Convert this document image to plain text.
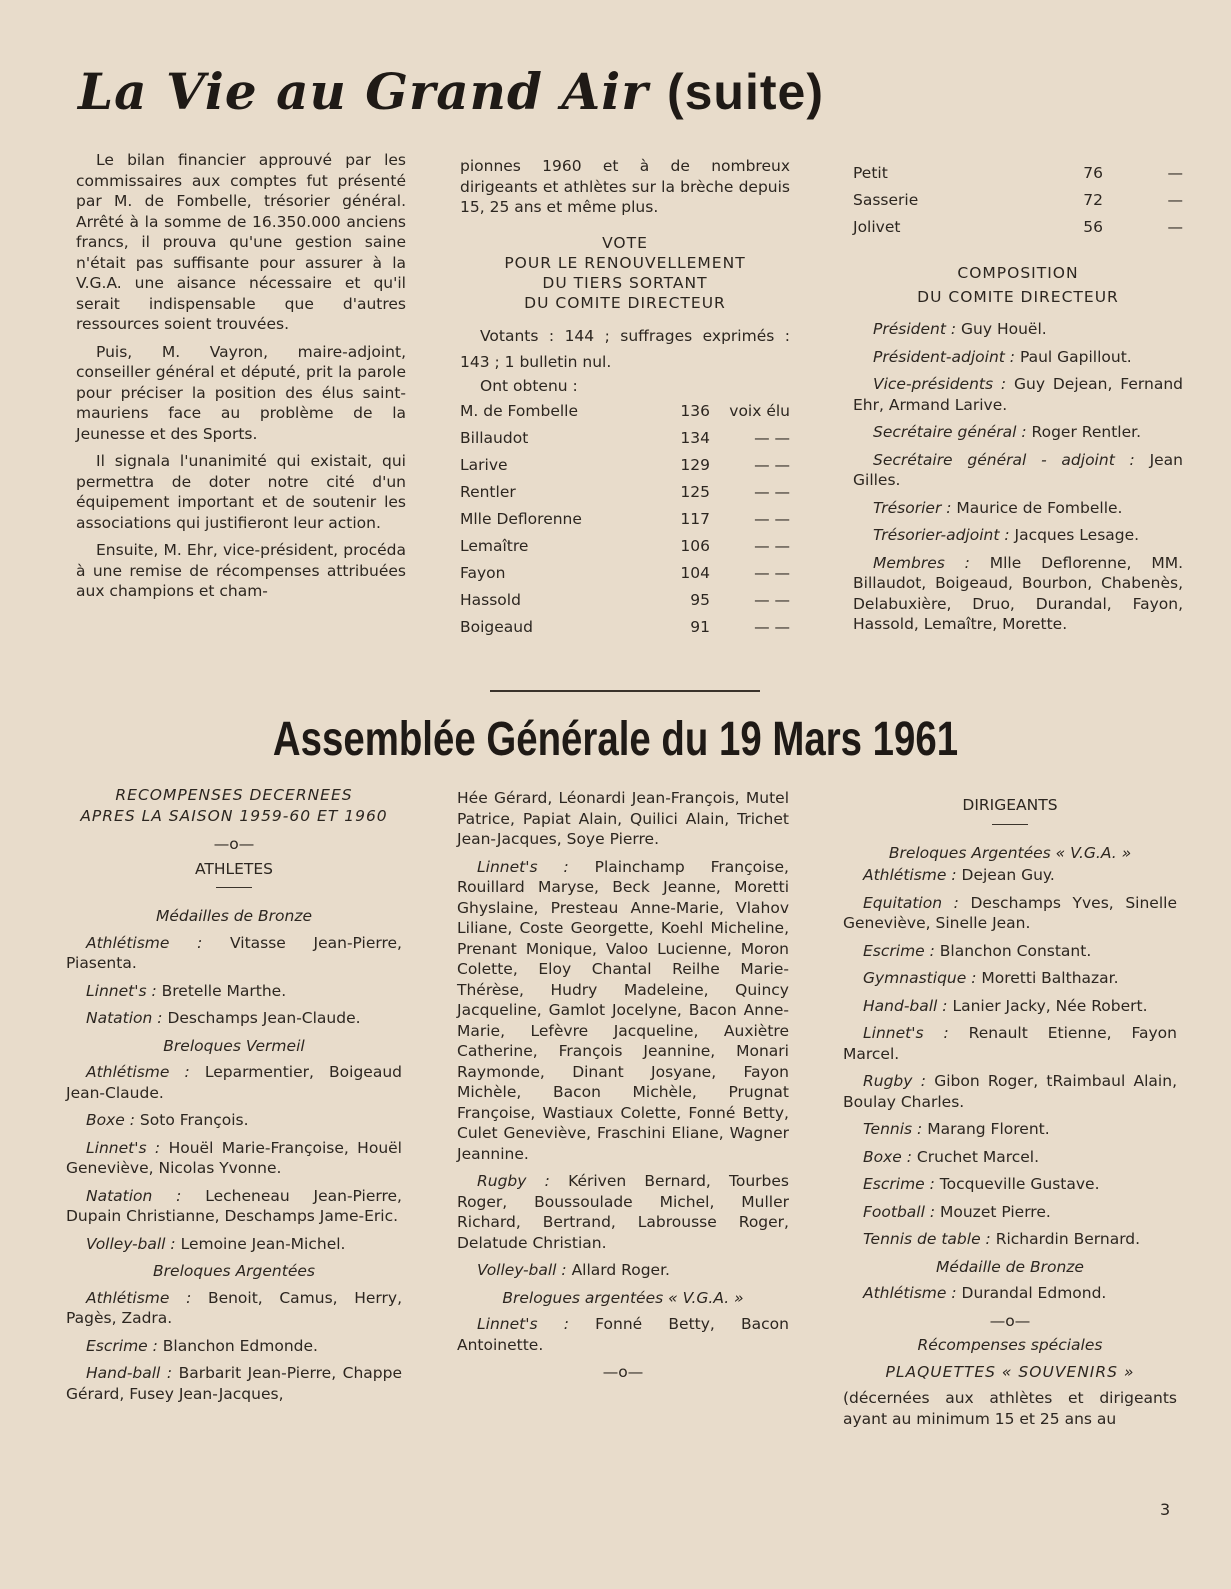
La Vie au Grand Air (suite)

Le bilan financier approuvé par les commissaires aux comptes fut présenté par M. de Fombelle, trésorier général. Arrêté à la somme de 16.350.000 anciens francs, il prouva qu'une gestion saine n'était pas suffisante pour assurer à la V.G.A. une aisance nécessaire et qu'il serait indispensable que d'autres ressources soient trouvées.

Puis, M. Vayron, maire-adjoint, conseiller général et député, prit la parole pour préciser la position des élus saint-mauriens face au problème de la Jeunesse et des Sports.

Il signala l'unanimité qui existait, qui permettra de doter notre cité d'un équipement important et de soutenir les associations qui justifieront leur action.

Ensuite, M. Ehr, vice-président, procéda à une remise de récompenses attribuées aux champions et cham-

pionnes 1960 et à de nombreux dirigeants et athlètes sur la brèche depuis 15, 25 ans et même plus.

VOTE
POUR LE RENOUVELLEMENT
DU TIERS SORTANT
DU COMITE DIRECTEUR

Votants : 144 ; suffrages exprimés : 143 ; 1 bulletin nul.

Ont obtenu :
M. de Fombelle	136	voix élu
Billaudot	134	— —
Larive	129	— —
Rentler	125	— —
Mlle Deflorenne	117	— —
Lemaître	106	— —
Fayon	104	— —
Hassold	95	— —
Boigeaud	91	— —
Petit	76	—
Sasserie	72	—
Jolivet	56	—
COMPOSITION
DU COMITE DIRECTEUR

Président : Guy Houël.

Président-adjoint : Paul Gapillout.

Vice-présidents : Guy Dejean, Fernand Ehr, Armand Larive.

Secrétaire général : Roger Rentler.

Secrétaire général - adjoint : Jean Gilles.

Trésorier : Maurice de Fombelle.

Trésorier-adjoint : Jacques Lesage.

Membres : Mlle Deflorenne, MM. Billaudot, Boigeaud, Bourbon, Chabenès, Delabuxière, Druo, Durandal, Fayon, Hassold, Lemaître, Morette.

Assemblée Générale du 19 Mars 1961
RECOMPENSES DECERNEES
APRES LA SAISON 1959-60 ET 1960
—o—
ATHLETES
Médailles de Bronze

Athlétisme : Vitasse Jean-Pierre, Piasenta.

Linnet's : Bretelle Marthe.

Natation : Deschamps Jean-Claude.

Breloques Vermeil

Athlétisme : Leparmentier, Boigeaud Jean-Claude.

Boxe : Soto François.

Linnet's : Houël Marie-Françoise, Houël Geneviève, Nicolas Yvonne.

Natation : Lecheneau Jean-Pierre, Dupain Christianne, Deschamps Jame-Eric.

Volley-ball : Lemoine Jean-Michel.

Breloques Argentées

Athlétisme : Benoit, Camus, Herry, Pagès, Zadra.

Escrime : Blanchon Edmonde.

Hand-ball : Barbarit Jean-Pierre, Chappe Gérard, Fusey Jean-Jacques,

Hée Gérard, Léonardi Jean-François, Mutel Patrice, Papiat Alain, Quilici Alain, Trichet Jean-Jacques, Soye Pierre.

Linnet's : Plainchamp Françoise, Rouillard Maryse, Beck Jeanne, Moretti Ghyslaine, Presteau Anne-Marie, Vlahov Liliane, Coste Georgette, Koehl Micheline, Prenant Monique, Valoo Lucienne, Moron Colette, Eloy Chantal Reilhe Marie-Thérèse, Hudry Madeleine, Quincy Jacqueline, Gamlot Jocelyne, Bacon Anne-Marie, Lefèvre Jacqueline, Auxiètre Catherine, François Jeannine, Monari Raymonde, Dinant Josyane, Fayon Michèle, Bacon Michèle, Prugnat Françoise, Wastiaux Colette, Fonné Betty, Culet Geneviève, Fraschini Eliane, Wagner Jeannine.

Rugby : Kériven Bernard, Tourbes Roger, Boussoulade Michel, Muller Richard, Bertrand, Labrousse Roger, Delatude Christian.

Volley-ball : Allard Roger.

Brelogues argentées « V.G.A. »

Linnet's : Fonné Betty, Bacon Antoinette.

—o—
DIRIGEANTS
Breloques Argentées « V.G.A. »

Athlétisme : Dejean Guy.

Equitation : Deschamps Yves, Sinelle Geneviève, Sinelle Jean.

Escrime : Blanchon Constant.

Gymnastique : Moretti Balthazar.

Hand-ball : Lanier Jacky, Née Robert.

Linnet's : Renault Etienne, Fayon Marcel.

Rugby : Gibon Roger, tRaimbaul Alain, Boulay Charles.

Tennis : Marang Florent.

Boxe : Cruchet Marcel.

Escrime : Tocqueville Gustave.

Football : Mouzet Pierre.

Tennis de table : Richardin Bernard.

Médaille de Bronze

Athlétisme : Durandal Edmond.

—o—
Récompenses spéciales
PLAQUETTES « SOUVENIRS »

(décernées aux athlètes et dirigeants ayant au minimum 15 et 25 ans au

3
